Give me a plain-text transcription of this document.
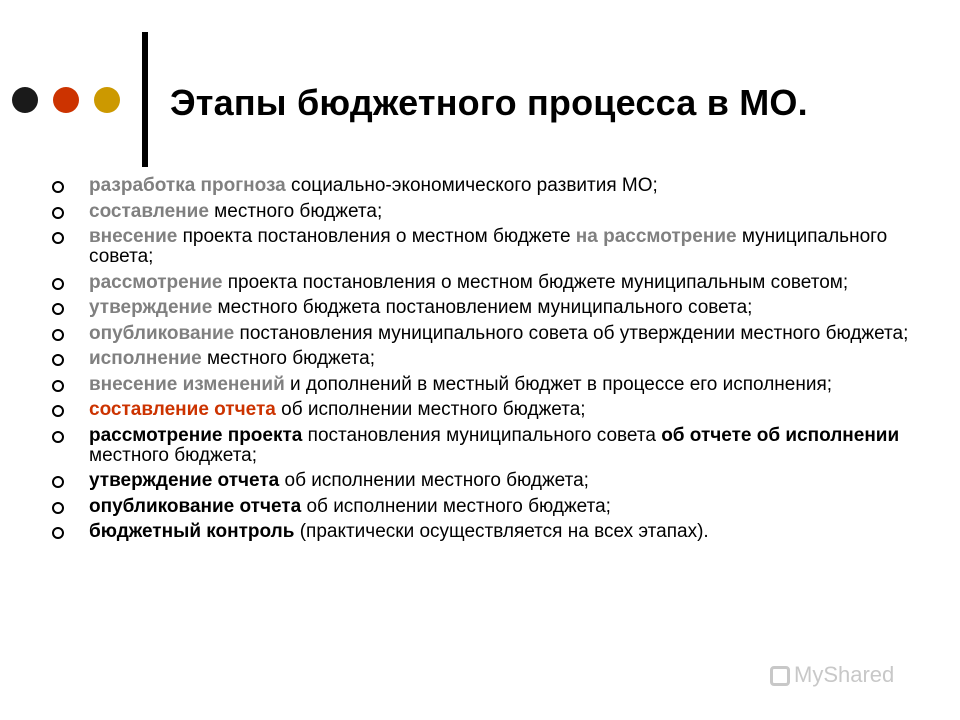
Этапы бюджетного процесса в МО.
разработка прогноза социально-экономического развития МО;
составление местного бюджета;
внесение проекта постановления о местном бюджете на рассмотрение муниципального совета;
рассмотрение проекта постановления о местном бюджете муниципальным советом;
утверждение местного бюджета постановлением муниципального совета;
опубликование постановления муниципального совета об утверждении местного бюджета;
исполнение местного бюджета;
внесение изменений и дополнений в местный бюджет в процессе его исполнения;
составление отчета об исполнении местного бюджета;
рассмотрение проекта постановления муниципального совета об отчете об исполнении местного бюджета;
утверждение отчета об исполнении местного бюджета;
опубликование отчета об исполнении местного бюджета;
бюджетный контроль (практически осуществляется на всех этапах).
MyShared
